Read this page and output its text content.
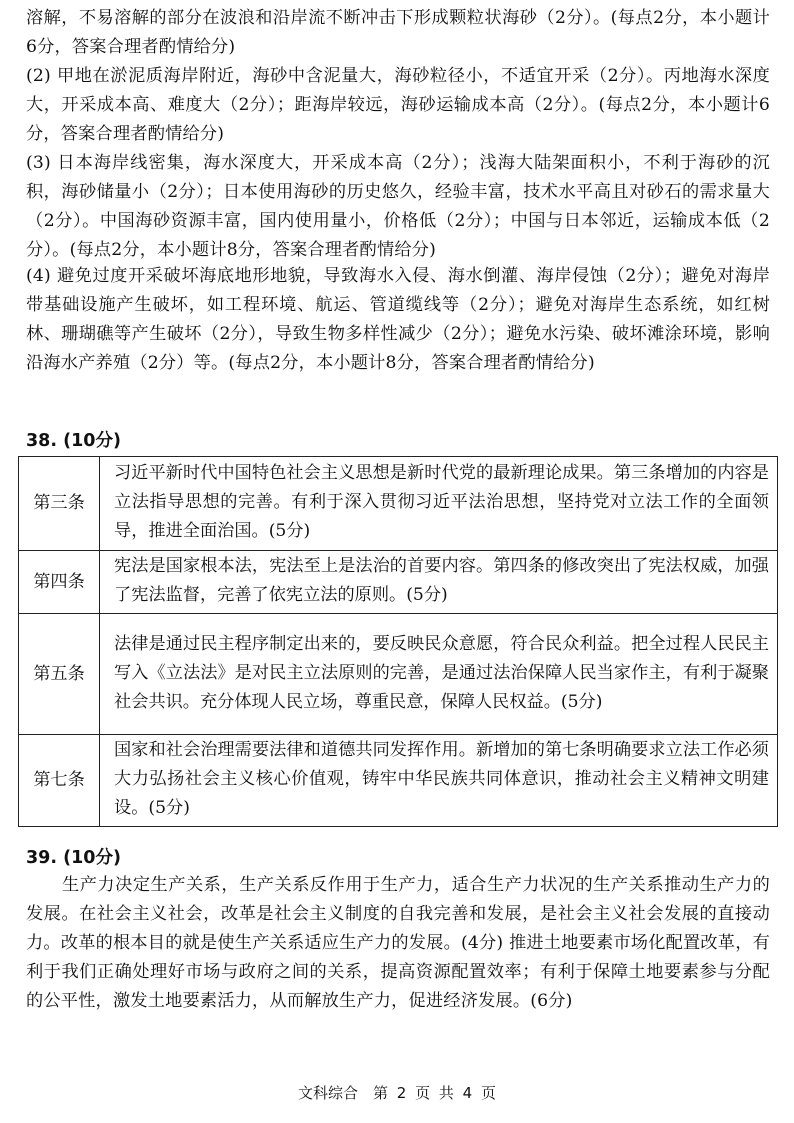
溶解，不易溶解的部分在波浪和沿岸流不断冲击下形成颗粒状海砂（2分）。(每点2分，本小题计6分，答案合理者酌情给分)
(2) 甲地在淤泥质海岸附近，海砂中含泥量大，海砂粒径小，不适宜开采（2分）。丙地海水深度大，开采成本高、难度大（2分）；距海岸较远，海砂运输成本高（2分）。(每点2分，本小题计6分，答案合理者酌情给分)
(3) 日本海岸线密集，海水深度大，开采成本高（2分）；浅海大陆架面积小，不利于海砂的沉积，海砂储量小（2分）；日本使用海砂的历史悠久，经验丰富，技术水平高且对砂石的需求量大（2分）。中国海砂资源丰富，国内使用量小，价格低（2分）；中国与日本邻近，运输成本低（2分）。(每点2分，本小题计8分，答案合理者酌情给分)
(4) 避免过度开采破坏海底地形地貌，导致海水入侵、海水倒灌、海岸侵蚀（2分）；避免对海岸带基础设施产生破坏，如工程环境、航运、管道缆线等（2分）；避免对海岸生态系统，如红树林、珊瑚礁等产生破坏（2分），导致生物多样性减少（2分）；避免水污染、破坏滩涂环境，影响沿海水产养殖（2分）等。(每点2分，本小题计8分，答案合理者酌情给分)
38. (10分)
第三条	习近平新时代中国特色社会主义思想是新时代党的最新理论成果。第三条增加的内容是立法指导思想的完善。有利于深入贯彻习近平法治思想，坚持党对立法工作的全面领导，推进全面治国。(5分)
第四条	宪法是国家根本法，宪法至上是法治的首要内容。第四条的修改突出了宪法权威，加强了宪法监督，完善了依宪立法的原则。(5分)
第五条	法律是通过民主程序制定出来的，要反映民众意愿，符合民众利益。把全过程人民民主写入《立法法》是对民主立法原则的完善，是通过法治保障人民当家作主，有利于凝聚社会共识。充分体现人民立场，尊重民意，保障人民权益。(5分)
第七条	国家和社会治理需要法律和道德共同发挥作用。新增加的第七条明确要求立法工作必须大力弘扬社会主义核心价值观，铸牢中华民族共同体意识，推动社会主义精神文明建设。(5分)
39. (10分)
生产力决定生产关系，生产关系反作用于生产力，适合生产力状况的生产关系推动生产力的发展。在社会主义社会，改革是社会主义制度的自我完善和发展，是社会主义社会发展的直接动力。改革的根本目的就是使生产关系适应生产力的发展。(4分) 推进土地要素市场化配置改革，有利于我们正确处理好市场与政府之间的关系，提高资源配置效率；有利于保障土地要素参与分配的公平性，激发土地要素活力，从而解放生产力，促进经济发展。(6分)
文科综合　第 2 页 共 4 页
